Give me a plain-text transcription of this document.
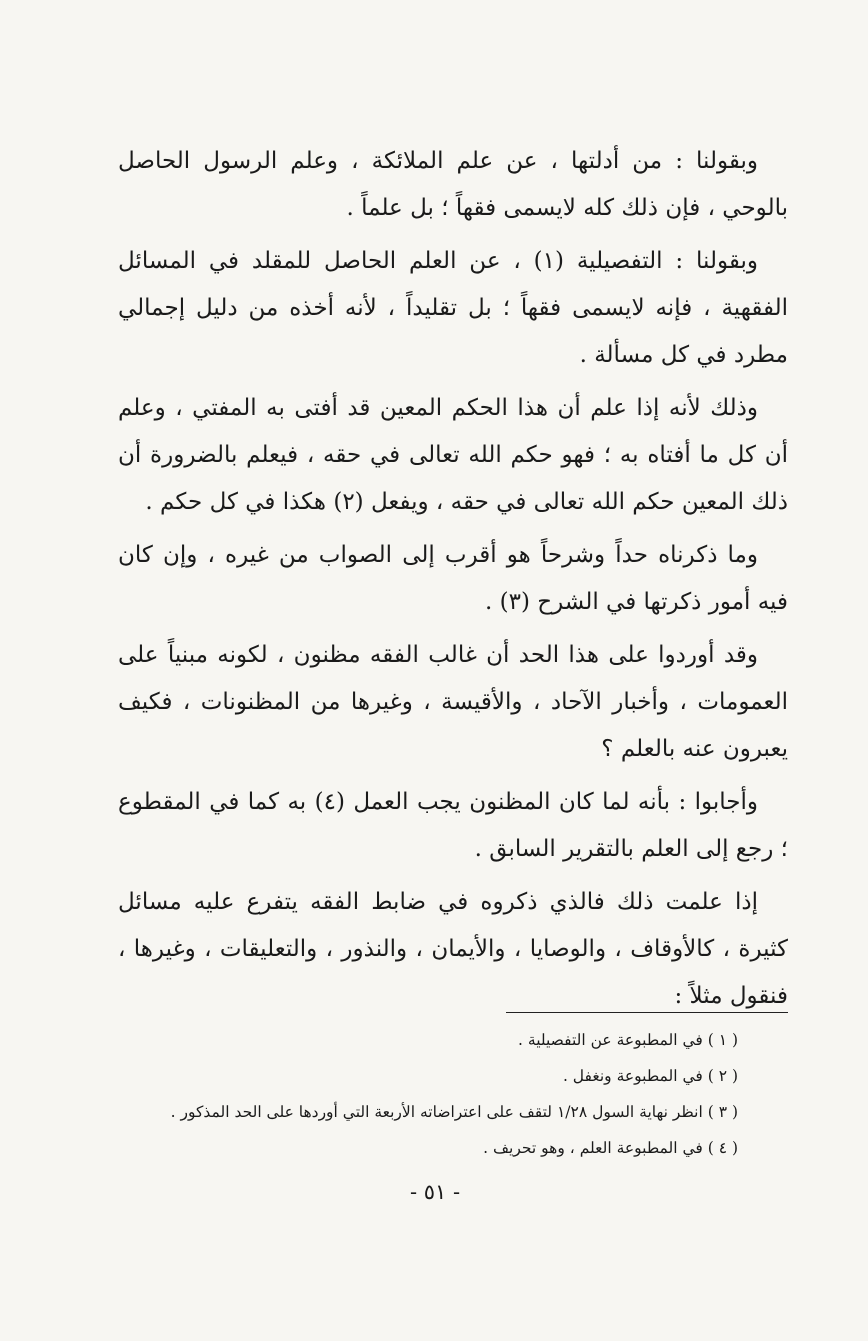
وبقولنا : من أدلتها ، عن علم الملائكة ، وعلم الرسول الحاصل بالوحي ، فإن ذلك كله لايسمى فقهاً ؛ بل علماً .

وبقولنا : التفصيلية (١) ، عن العلم الحاصل للمقلد في المسائل الفقهية ، فإنه لايسمى فقهاً ؛ بل تقليداً ، لأنه أخذه من دليل إجمالي مطرد في كل مسألة .

وذلك لأنه إذا علم أن هذا الحكم المعين قد أفتى به المفتي ، وعلم أن كل ما أفتاه به ؛ فهو حكم الله تعالى في حقه ، فيعلم بالضرورة أن ذلك المعين حكم الله تعالى في حقه ، ويفعل (٢) هكذا في كل حكم .

وما ذكرناه حداً وشرحاً هو أقرب إلى الصواب من غيره ، وإن كان فيه أمور ذكرتها في الشرح (٣) .

وقد أوردوا على هذا الحد أن غالب الفقه مظنون ، لكونه مبنياً على العمومات ، وأخبار الآحاد ، والأقيسة ، وغيرها من المظنونات ، فكيف يعبرون عنه بالعلم ؟

وأجابوا : بأنه لما كان المظنون يجب العمل (٤) به كما في المقطوع ؛ رجع إلى العلم بالتقرير السابق .

إذا علمت ذلك فالذي ذكروه في ضابط الفقه يتفرع عليه مسائل كثيرة ، كالأوقاف ، والوصايا ، والأيمان ، والنذور ، والتعليقات ، وغيرها ، فنقول مثلاً :

( ١ ) في المطبوعة عن التفصيلية .
( ٢ ) في المطبوعة ونغفل .
( ٣ ) انظر نهاية السول ١/٢٨ لتقف على اعتراضاته الأربعة التي أوردها على الحد المذكور .
( ٤ ) في المطبوعة العلم ، وهو تحريف .
- ٥١ -
